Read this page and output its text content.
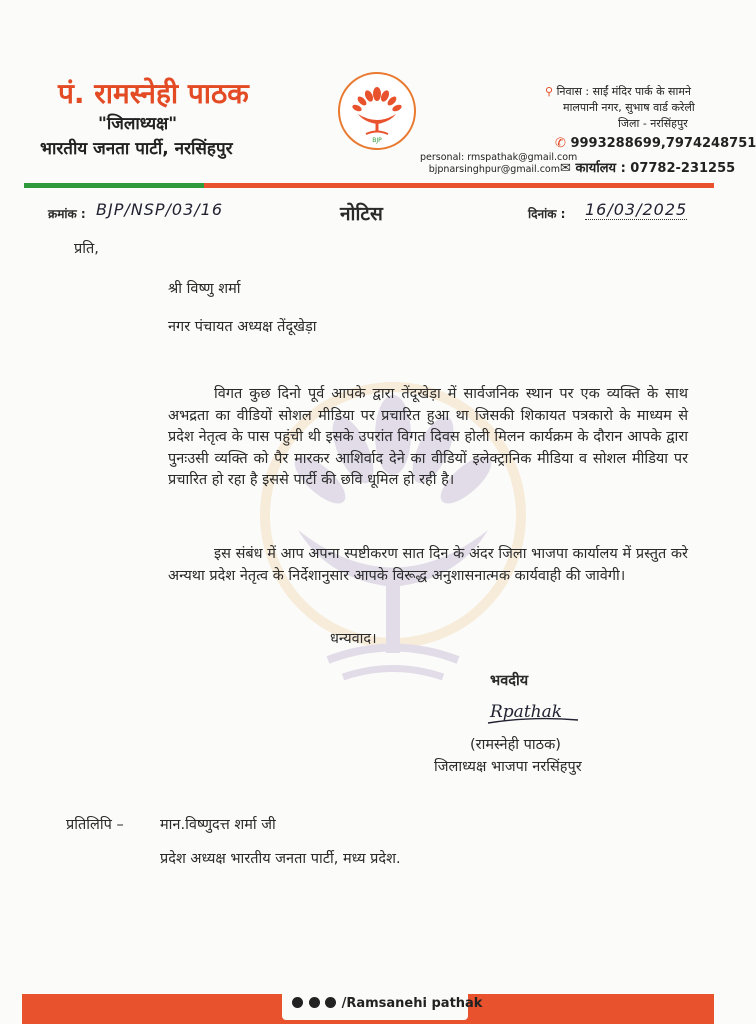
पं. रामस्नेही पाठक
"जिलाध्यक्ष"
भारतीय जनता पार्टी, नरसिंहपुर	BJP
⚲ निवास : साईं मंदिर पार्क के सामने
मालपानी नगर, सुभाष वार्ड करेली
जिला - नरसिंहपुर
✆ 9993288699,7974248751
personal: rmspathak@gmail.com
bjpnarsinghpur@gmail.com ✉ कार्यालय : 07782-231255
क्रमांक : BJP/NSP/03/16	नोटिस	दिनांक : 16/03/2025
प्रति,
श्री विष्णु शर्मा
नगर पंचायत अध्यक्ष तेंदूखेड़ा
विगत कुछ दिनो पूर्व आपके द्वारा तेंदूखेड़ा में सार्वजनिक स्थान पर एक व्यक्ति के साथ अभद्रता का वीडियों सोशल मीडिया पर प्रचारित हुआ था जिसकी शिकायत पत्रकारो के माध्यम से प्रदेश नेतृत्व के पास पहुंची थी इसके उपरांत विगत दिवस होली मिलन कार्यक्रम के दौरान आपके द्वारा पुनःउसी व्यक्ति को पैर मारकर आशिर्वाद देने का वीडियों इलेक्ट्रानिक मीडिया व सोशल मीडिया पर प्रचारित हो रहा है इससे पार्टी की छवि धूमिल हो रही है।
इस संबंध में आप अपना स्पष्टीकरण सात दिन के अंदर जिला भाजपा कार्यालय में प्रस्तुत करे अन्यथा प्रदेश नेतृत्व के निर्देशानुसार आपके विरूद्ध अनुशासनात्मक कार्यवाही की जावेगी।
धन्यवाद।
भवदीय
Rpathak
(रामस्नेही पाठक)
जिलाध्यक्ष भाजपा नरसिंहपुर
प्रतिलिपि –	मान.विष्णुदत्त शर्मा जी
प्रदेश अध्यक्ष भारतीय जनता पार्टी, मध्य प्रदेश.
/Ramsanehi pathak
